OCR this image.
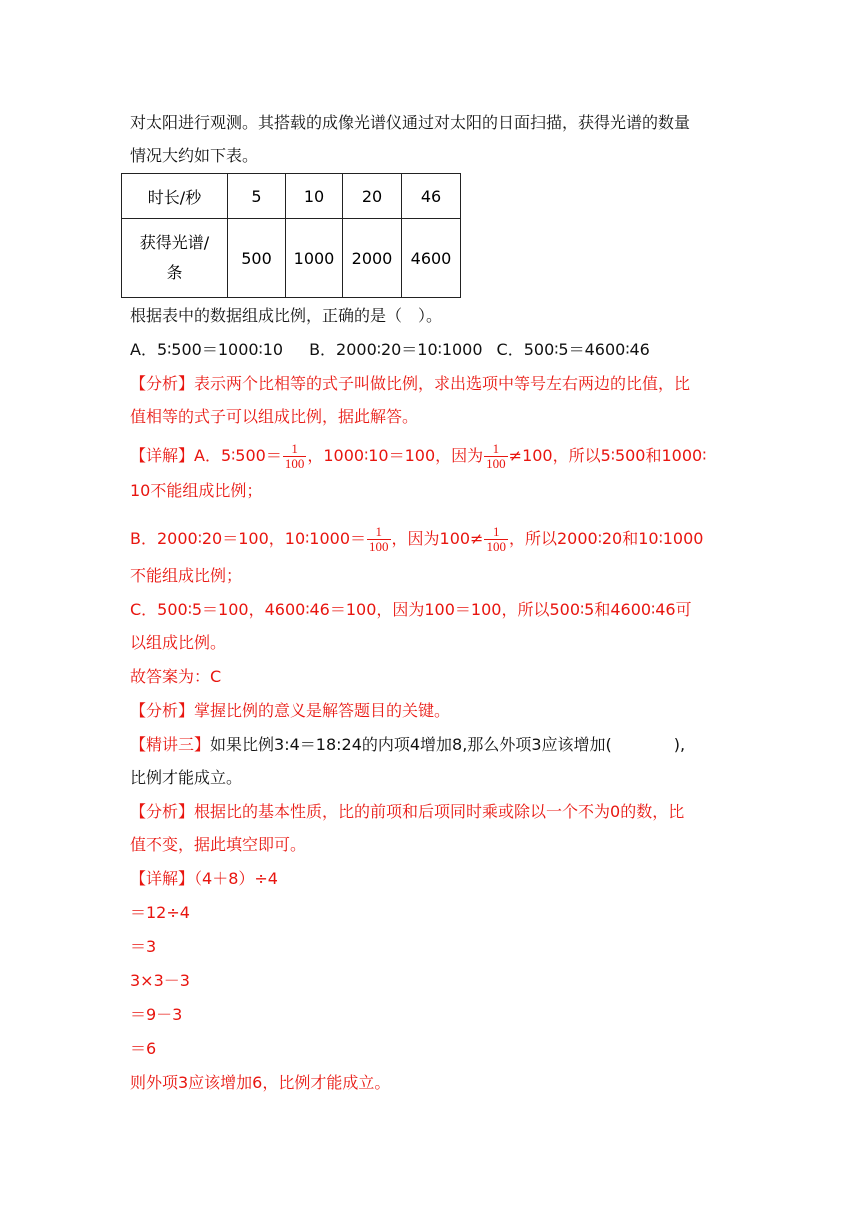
对太阳进行观测。其搭载的成像光谱仪通过对太阳的日面扫描，获得光谱的数量
情况大约如下表。
时长/秒	5	10	20	46
获得光谱/
条	500	1000	2000	4600
根据表中的数据组成比例，正确的是（　）。
A．5∶500＝1000∶10 B．2000∶20＝10∶1000 C．500∶5＝4600∶46
【分析】表示两个比相等的式子叫做比例，求出选项中等号左右两边的比值，比
值相等的式子可以组成比例，据此解答。
【详解】A．5∶500＝ $\frac{1}{100}$ ，1000∶10＝100，因为 $\frac{1}{100} \ne 100$，所以5∶500和1000∶
10不能组成比例；
B．2000∶20＝100，10∶1000＝ $\frac{1}{100}$ ，因为$100\ne \frac{1}{100}$ ，所以2000∶20和10∶1000
不能组成比例；
C．500∶5＝100，4600∶46＝100，因为100＝100，所以500∶5和4600∶46可
以组成比例。
故答案为：C
【分析】掌握比例的意义是解答题目的关键。
【精讲三】如果比例3:4＝18:24的内项4增加8,那么外项3应该增加(	),
比例才能成立。
【分析】根据比的基本性质，比的前项和后项同时乘或除以一个不为0的数，比
值不变，据此填空即可。
【详解】（4＋8）÷4
＝12÷4
＝3
3×3－3
＝9－3
＝6
则外项3应该增加6，比例才能成立。
